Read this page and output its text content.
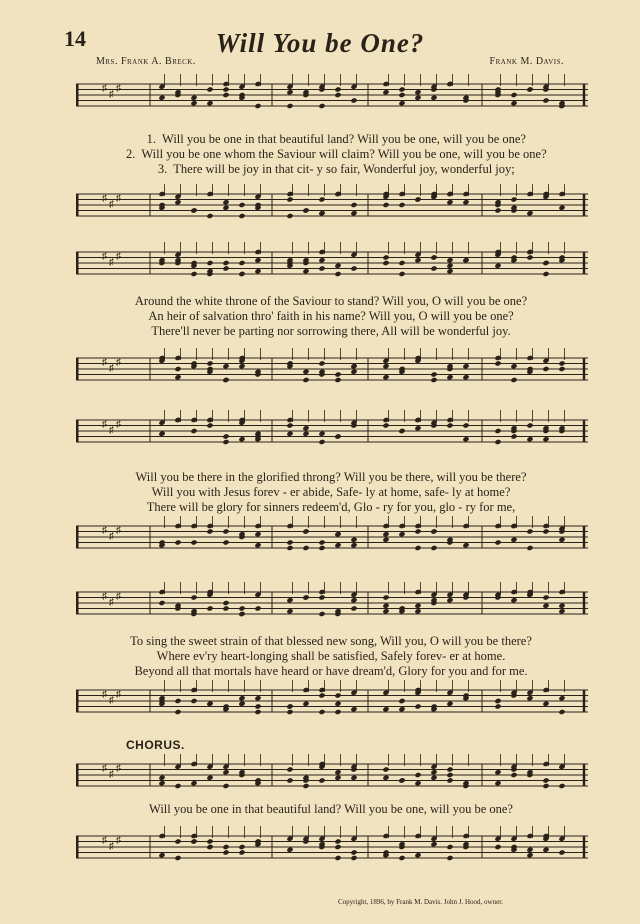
14	Will You be One?
Mrs. Frank A. Breck.	Frank M. Davis.
♯
♯
♯
1. Will you be one in that beautiful land? Will you be one, will you be one?
2. Will you be one whom the Saviour will claim? Will you be one, will you be one?
3. There will be joy in that cit- y so fair, Wonderful joy, wonderful joy;
♯
♯
♯
♯
♯
♯
Around the white throne of the Saviour to stand? Will you, O will you be one?
An heir of salvation thro' faith in his name? Will you, O will you be one?
There'll never be parting nor sorrowing there, All will be wonderful joy.
♯
♯
♯
♯
♯
♯
Will you be there in the glorified throng? Will you be there, will you be there?
Will you with Jesus forev - er abide, Safe- ly at home, safe- ly at home?
There will be glory for sinners redeem'd, Glo - ry for you, glo - ry for me,
♯
♯
♯
♯
♯
♯
To sing the sweet strain of that blessed new song, Will you, O will you be there?
Where ev'ry heart-longing shall be satisfied, Safely forev- er at home.
Beyond all that mortals have heard or have dream'd, Glory for you and for me.
♯
♯
♯
CHORUS.
♯
♯
♯
Will you be one in that beautiful land? Will you be one, will you be one?
♯
♯
♯
Copyright, 1896, by Frank M. Davis. John J. Hood, owner.
